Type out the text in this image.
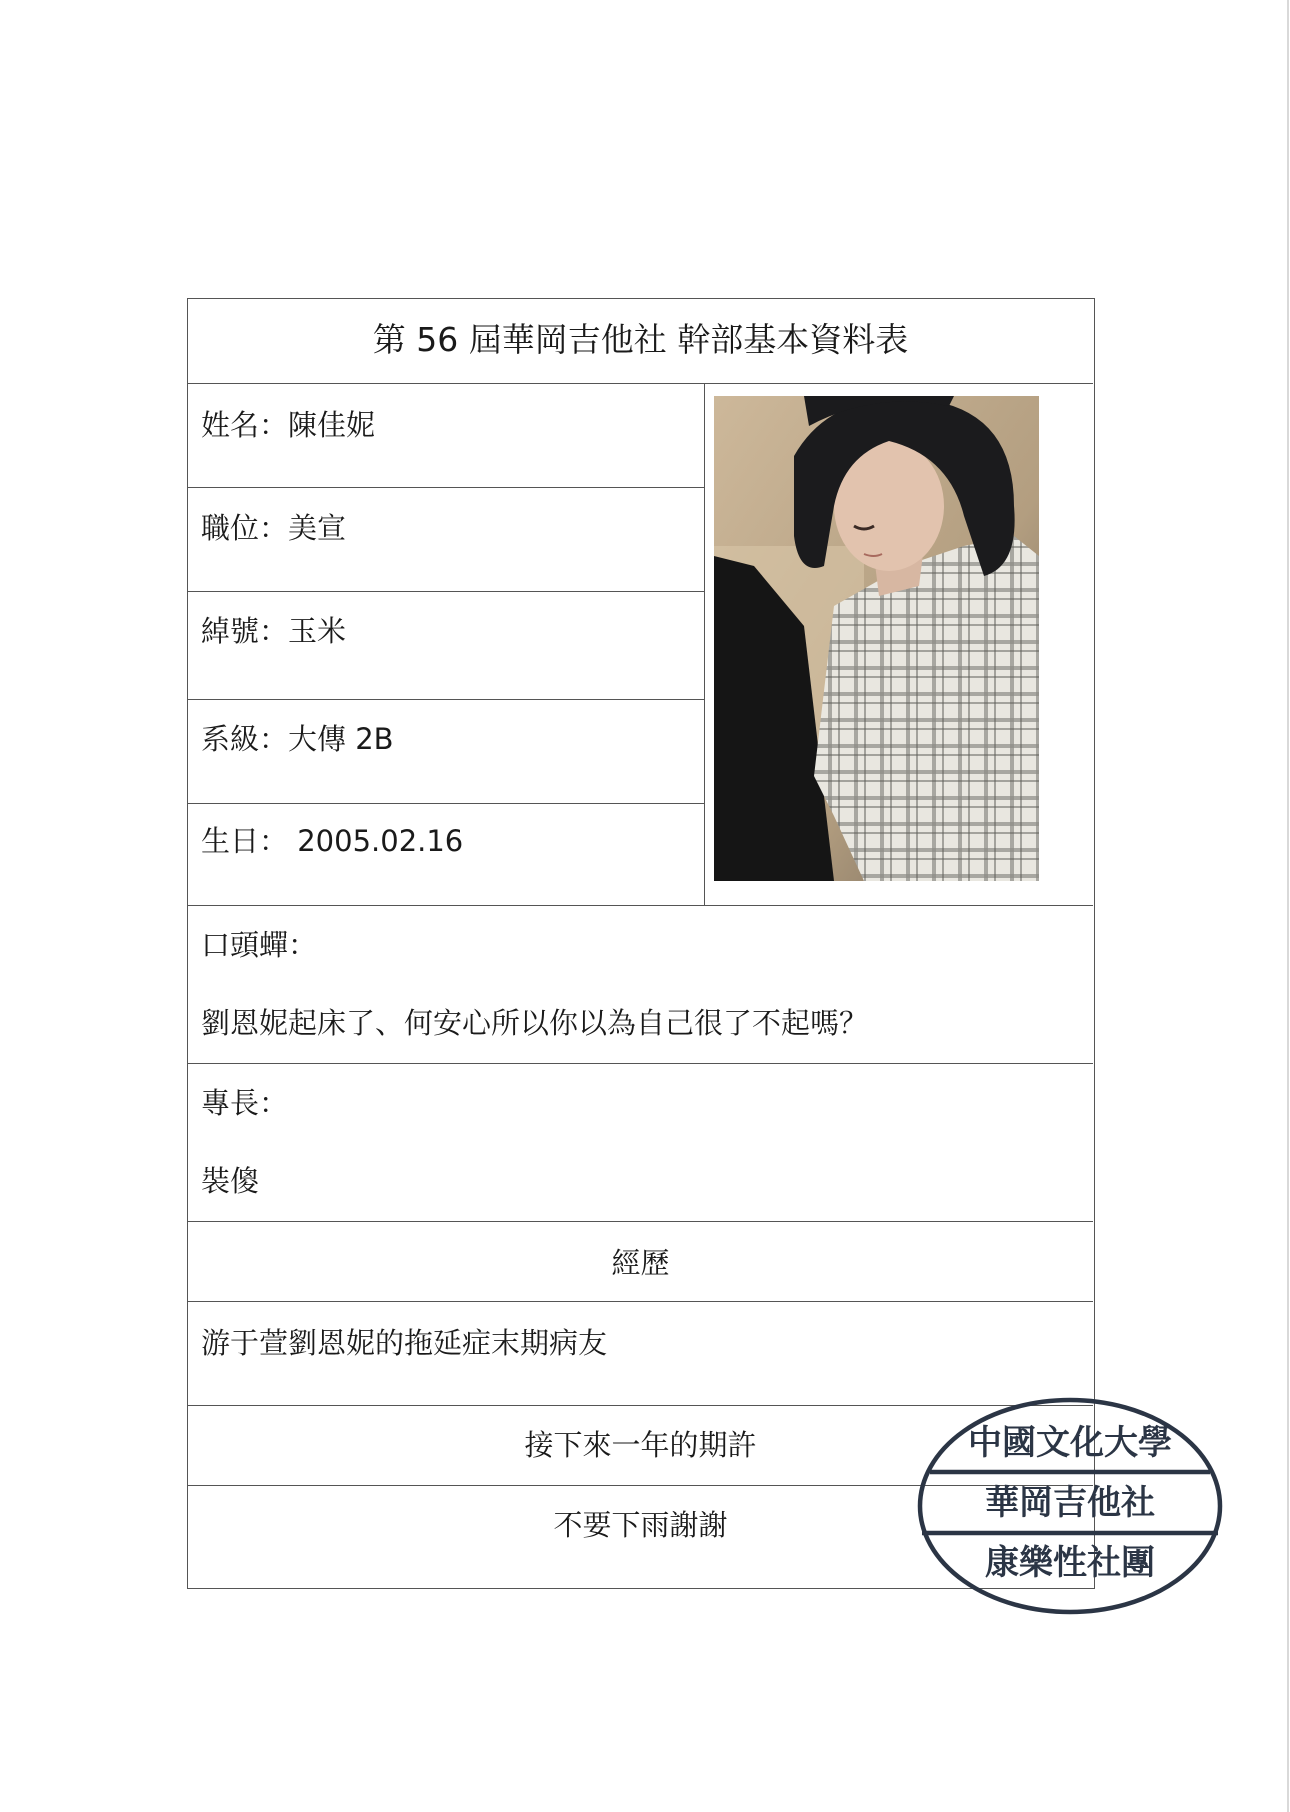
第 56 屆華岡吉他社 幹部基本資料表
姓名：陳佳妮
職位：美宣
綽號：玉米
系級：大傳 2B
生日： 2005.02.16
口頭蟬：
劉恩妮起床了、何安心所以你以為自己很了不起嗎？
專長：
裝傻
經歷
游于萱劉恩妮的拖延症末期病友
接下來一年的期許
不要下雨謝謝
中國文化大學
華岡吉他社
康樂性社團
